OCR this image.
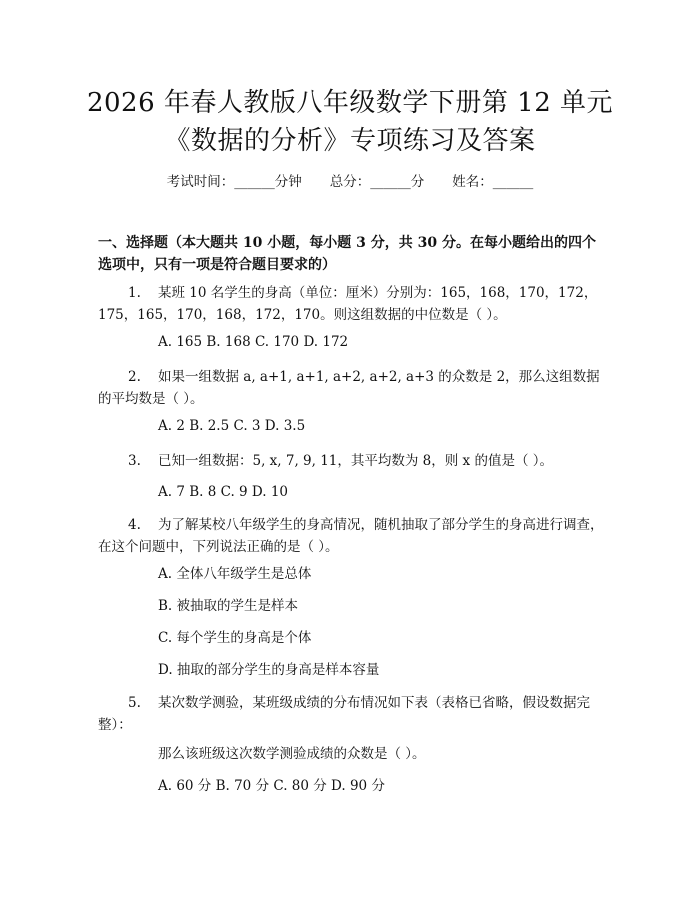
2026 年春人教版八年级数学下册第 12 单元
《数据的分析》专项练习及答案
考试时间：______分钟 总分：______分 姓名：______
一、选择题（本大题共 10 小题，每小题 3 分，共 30 分。在每小题给出的四个选项中，只有一项是符合题目要求的）
1. 某班 10 名学生的身高（单位：厘米）分别为：165，168，170，172，175，165，170，168，172，170。则这组数据的中位数是（ ）。
A. 165 B. 168 C. 170 D. 172
2. 如果一组数据 a, a+1, a+1, a+2, a+2, a+3 的众数是 2，那么这组数据的平均数是（ ）。
A. 2 B. 2.5 C. 3 D. 3.5
3. 已知一组数据：5, x, 7, 9, 11，其平均数为 8，则 x 的值是（ ）。
A. 7 B. 8 C. 9 D. 10
4. 为了解某校八年级学生的身高情况，随机抽取了部分学生的身高进行调查，在这个问题中，下列说法正确的是（ ）。
A. 全体八年级学生是总体
B. 被抽取的学生是样本
C. 每个学生的身高是个体
D. 抽取的部分学生的身高是样本容量
5. 某次数学测验，某班级成绩的分布情况如下表（表格已省略，假设数据完整）：
那么该班级这次数学测验成绩的众数是（ ）。
A. 60 分 B. 70 分 C. 80 分 D. 90 分
